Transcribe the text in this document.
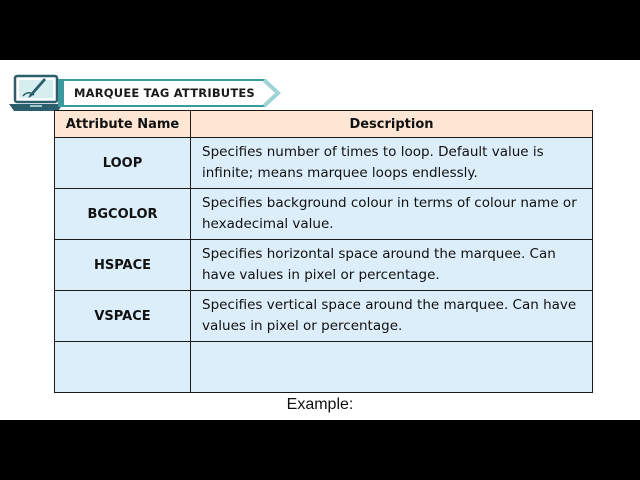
MARQUEE TAG ATTRIBUTES
Attribute Name	Description
LOOP	Specifies number of times to loop. Default value is infinite; means marquee loops endlessly.
BGCOLOR	Specifies background colour in terms of colour name or hexadecimal value.
HSPACE	Specifies horizontal space around the marquee. Can have values in pixel or percentage.
VSPACE	Specifies vertical space around the marquee. Can have values in pixel or percentage.

Example:
